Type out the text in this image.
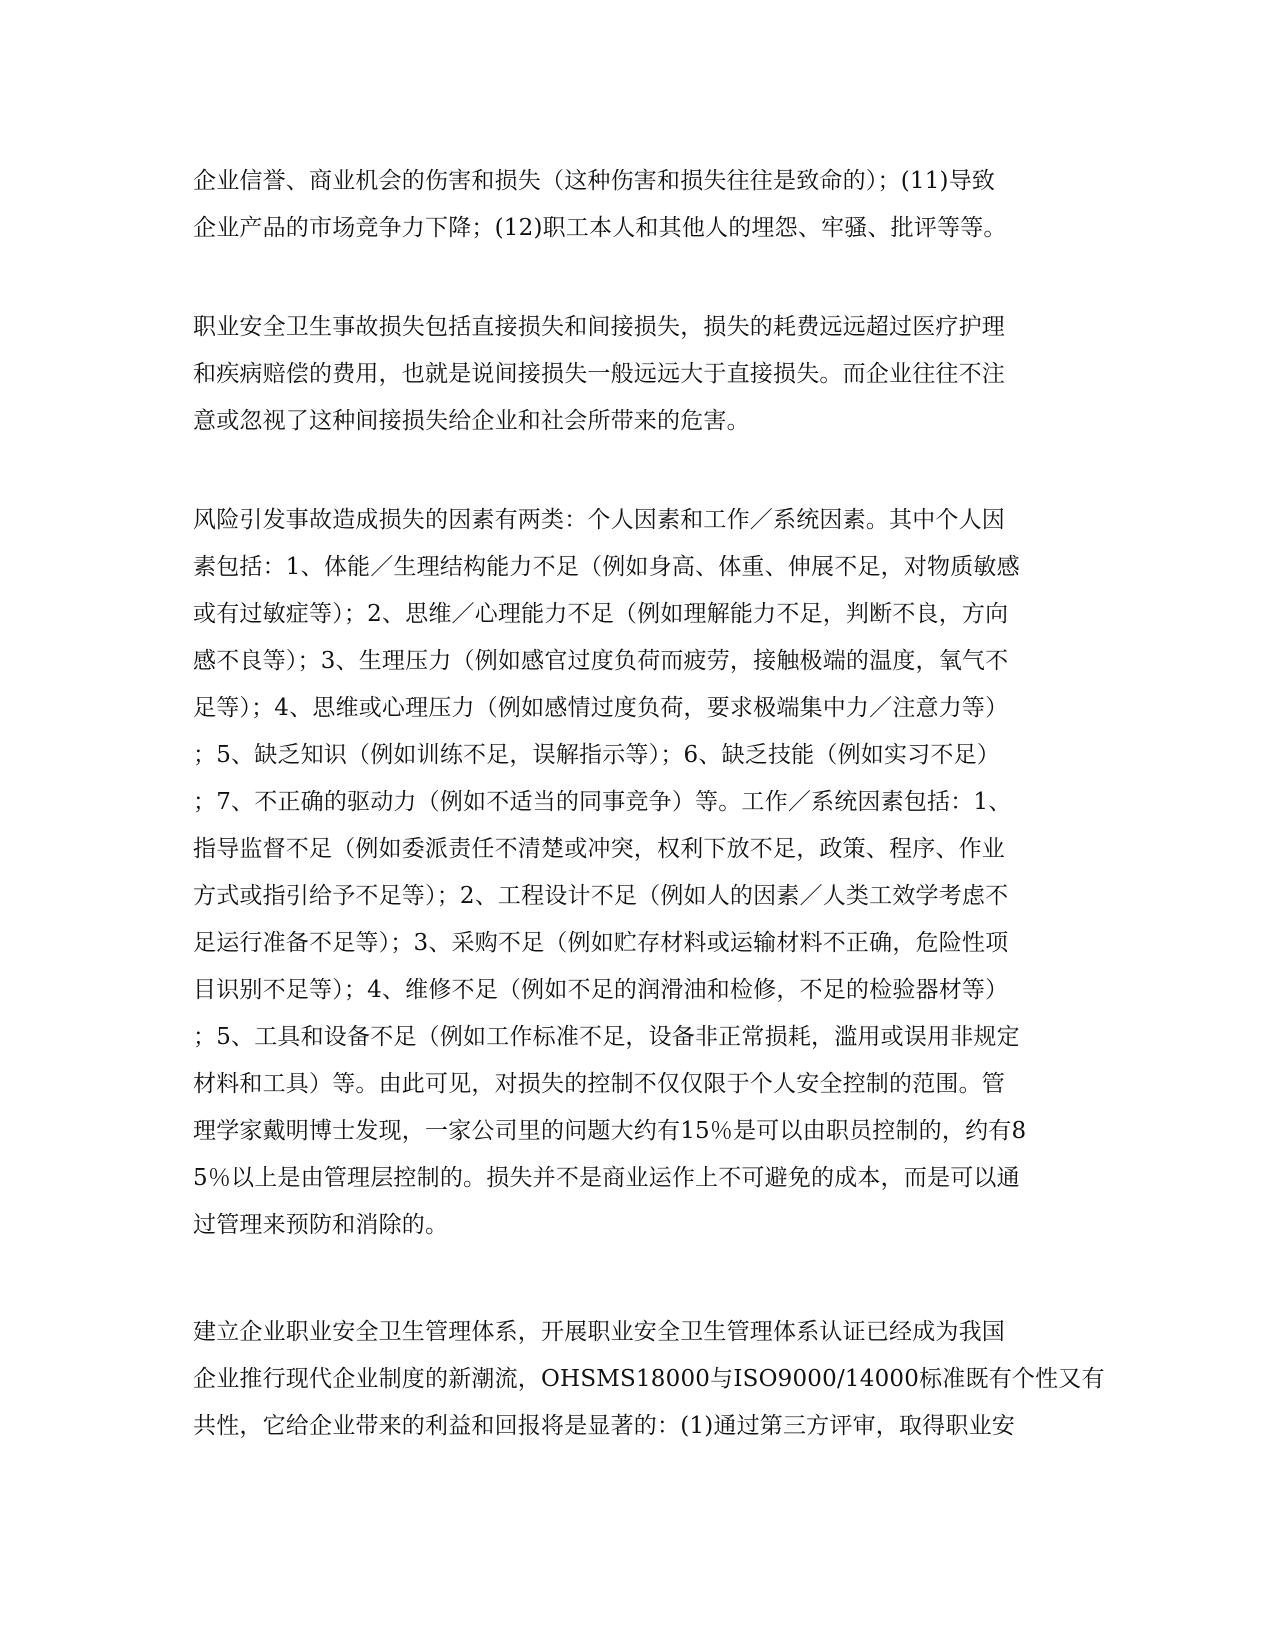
企业信誉、商业机会的伤害和损失（这种伤害和损失往往是致命的）；(11)导致
企业产品的市场竞争力下降；(12)职工本人和其他人的埋怨、牢骚、批评等等。
职业安全卫生事故损失包括直接损失和间接损失，损失的耗费远远超过医疗护理
和疾病赔偿的费用，也就是说间接损失一般远远大于直接损失。而企业往往不注
意或忽视了这种间接损失给企业和社会所带来的危害。
风险引发事故造成损失的因素有两类：个人因素和工作／系统因素。其中个人因
素包括：1、体能／生理结构能力不足（例如身高、体重、伸展不足，对物质敏感
或有过敏症等）；2、思维／心理能力不足（例如理解能力不足，判断不良，方向
感不良等）；3、生理压力（例如感官过度负荷而疲劳，接触极端的温度，氧气不
足等）；4、思维或心理压力（例如感情过度负荷，要求极端集中力／注意力等）
；5、缺乏知识（例如训练不足，误解指示等）；6、缺乏技能（例如实习不足）
；7、不正确的驱动力（例如不适当的同事竞争）等。工作／系统因素包括：1、
指导监督不足（例如委派责任不清楚或冲突，权利下放不足，政策、程序、作业
方式或指引给予不足等）；2、工程设计不足（例如人的因素／人类工效学考虑不
足运行准备不足等）；3、采购不足（例如贮存材料或运输材料不正确，危险性项
目识别不足等）；4、维修不足（例如不足的润滑油和检修，不足的检验器材等）
；5、工具和设备不足（例如工作标准不足，设备非正常损耗，滥用或误用非规定
材料和工具）等。由此可见，对损失的控制不仅仅限于个人安全控制的范围。管
理学家戴明博士发现，一家公司里的问题大约有15％是可以由职员控制的，约有8
5％以上是由管理层控制的。损失并不是商业运作上不可避免的成本，而是可以通
过管理来预防和消除的。
建立企业职业安全卫生管理体系，开展职业安全卫生管理体系认证已经成为我国
企业推行现代企业制度的新潮流，OHSMS18000与ISO9000/14000标准既有个性又有
共性，它给企业带来的利益和回报将是显著的：(1)通过第三方评审，取得职业安
